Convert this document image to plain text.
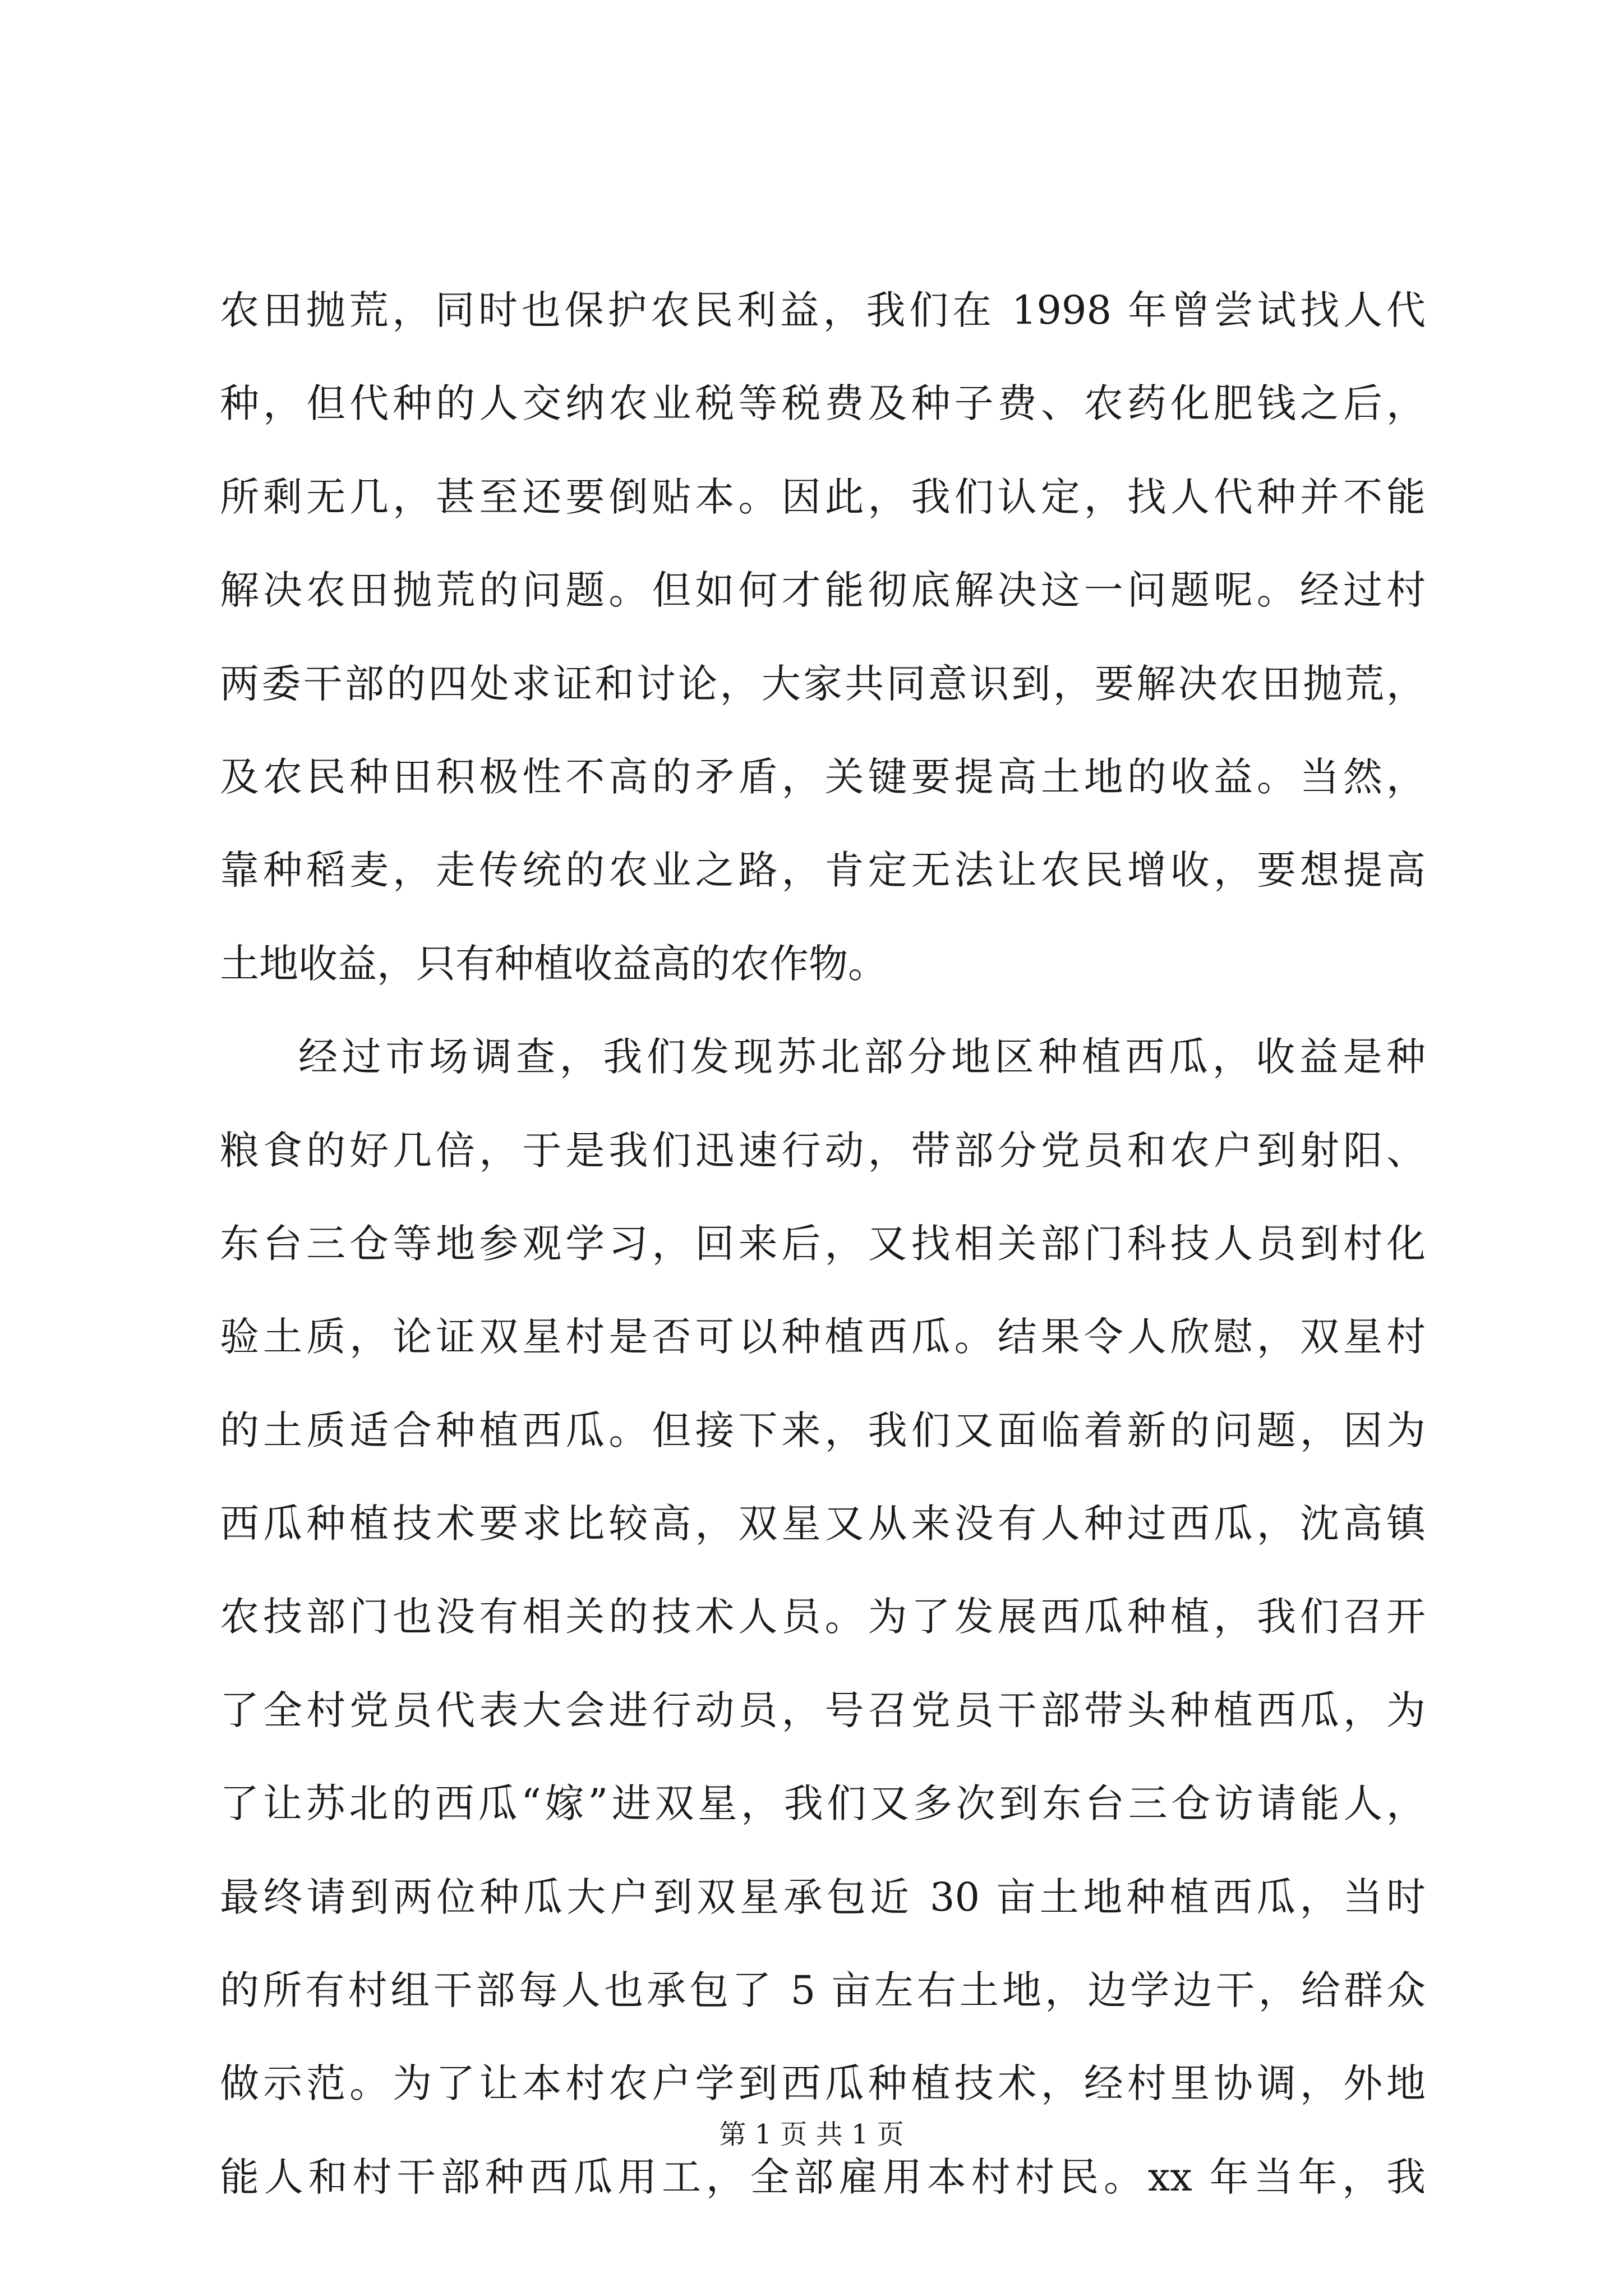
农田抛荒，同时也保护农民利益，我们在 1998 年曾尝试找人代
种，但代种的人交纳农业税等税费及种子费、农药化肥钱之后，
所剩无几，甚至还要倒贴本。因此，我们认定，找人代种并不能
解决农田抛荒的问题。但如何才能彻底解决这一问题呢。经过村
两委干部的四处求证和讨论，大家共同意识到，要解决农田抛荒，
及农民种田积极性不高的矛盾，关键要提高土地的收益。当然，
靠种稻麦，走传统的农业之路，肯定无法让农民增收，要想提高
土地收益，只有种植收益高的农作物。
经过市场调查，我们发现苏北部分地区种植西瓜，收益是种
粮食的好几倍，于是我们迅速行动，带部分党员和农户到射阳、
东台三仓等地参观学习，回来后，又找相关部门科技人员到村化
验土质，论证双星村是否可以种植西瓜。结果令人欣慰，双星村
的土质适合种植西瓜。但接下来，我们又面临着新的问题，因为
西瓜种植技术要求比较高，双星又从来没有人种过西瓜，沈高镇
农技部门也没有相关的技术人员。为了发展西瓜种植，我们召开
了全村党员代表大会进行动员，号召党员干部带头种植西瓜，为
了让苏北的西瓜“嫁”进双星，我们又多次到东台三仓访请能人，
最终请到两位种瓜大户到双星承包近 30 亩土地种植西瓜，当时
的所有村组干部每人也承包了 5 亩左右土地，边学边干，给群众
做示范。为了让本村农户学到西瓜种植技术，经村里协调，外地
能人和村干部种西瓜用工，全部雇用本村村民。xx 年当年，我
第 1 页 共 1 页
